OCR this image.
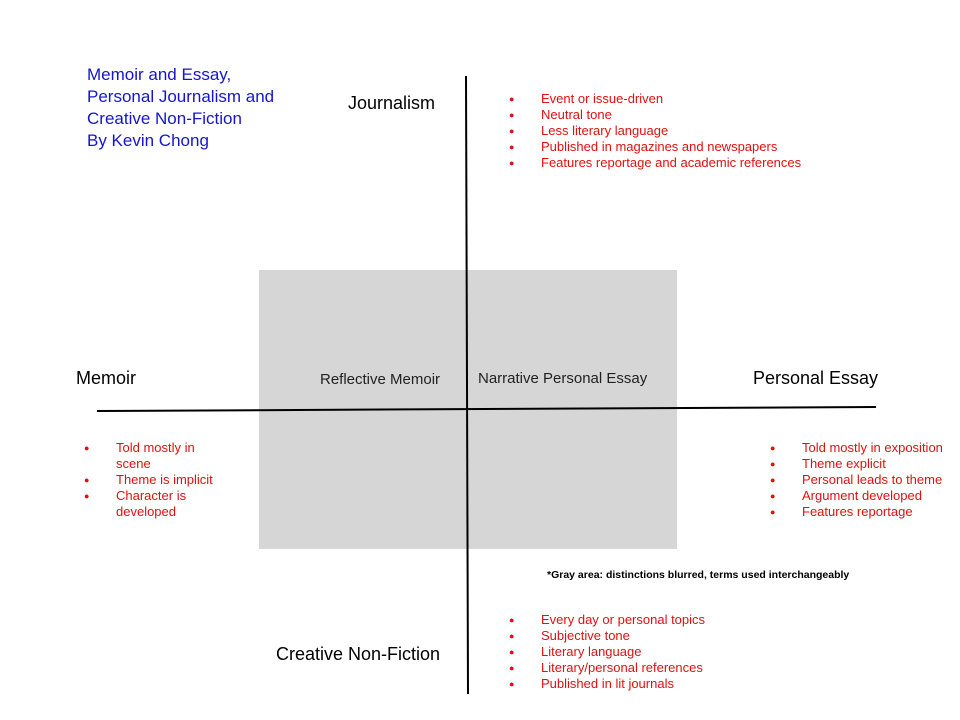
Memoir and Essay,
Personal Journalism and
Creative Non-Fiction
By Kevin Chong
Journalism
Memoir	Personal Essay
Creative Non-Fiction
Reflective Memoir	Narrative Personal Essay
*Gray area: distinctions blurred, terms used interchangeably
● Event or issue-driven
● Neutral tone
● Less literary language
● Published in magazines and newspapers
● Features reportage and academic references
● Told mostly in scene
● Theme is implicit
● Character is developed
● Told mostly in exposition
● Theme explicit
● Personal leads to theme
● Argument developed
● Features reportage
● Every day or personal topics
● Subjective tone
● Literary language
● Literary/personal references
● Published in lit journals
